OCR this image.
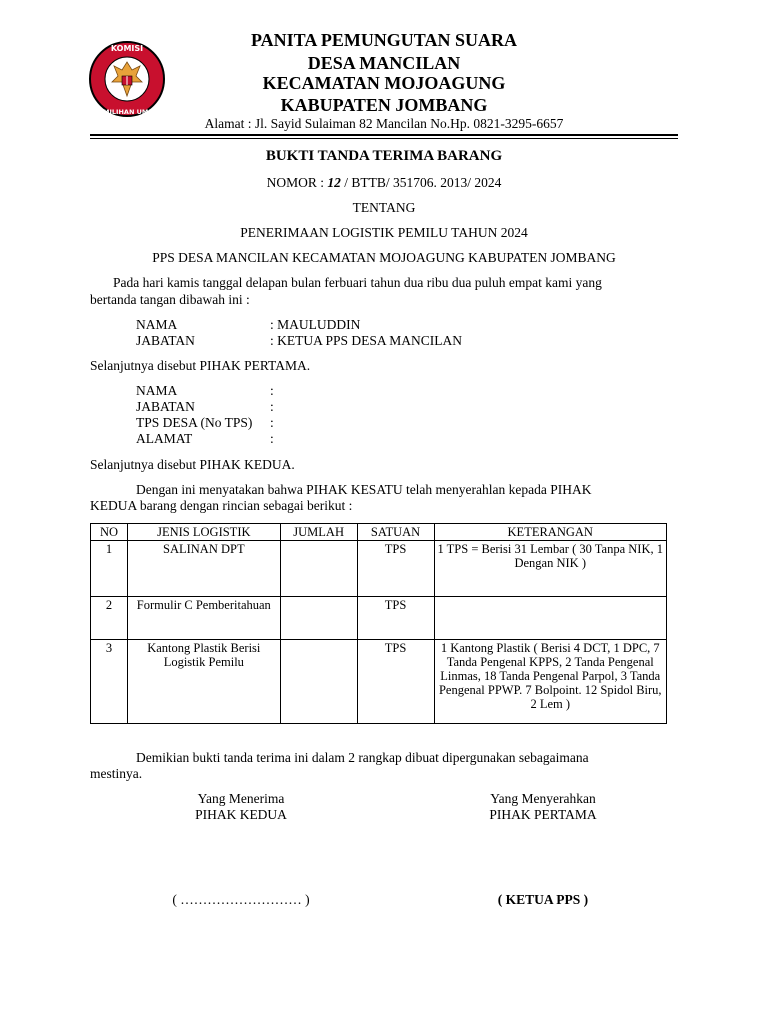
KOMISI
PEMILIHAN UMUM
PANITA PEMUNGUTAN SUARA
DESA MANCILAN
KECAMATAN MOJOAGUNG
KABUPATEN JOMBANG
Alamat : Jl. Sayid Sulaiman 82 Mancilan No.Hp. 0821-3295-6657
BUKTI TANDA TERIMA BARANG
NOMOR : 12 / BTTB/ 351706. 2013/ 2024
TENTANG
PENERIMAAN LOGISTIK PEMILU TAHUN 2024
PPS DESA MANCILAN KECAMATAN MOJOAGUNG KABUPATEN JOMBANG
Pada hari kamis tanggal delapan bulan ferbuari tahun dua ribu dua puluh empat kami yang
bertanda tangan dibawah ini :
NAMA	: MAULUDDIN
JABATAN	: KETUA PPS DESA MANCILAN
Selanjutnya disebut PIHAK PERTAMA.
NAMA	:
JABATAN	:
TPS DESA (No TPS) :
ALAMAT	:
Selanjutnya disebut PIHAK KEDUA.
Dengan ini menyatakan bahwa PIHAK KESATU telah menyerahlan kepada PIHAK
KEDUA barang dengan rincian sebagai berikut :
NO	JENIS LOGISTIK	JUMLAH	SATUAN	KETERANGAN
1	SALINAN DPT		TPS	1 TPS = Berisi 31 Lembar ( 30 Tanpa NIK, 1 Dengan NIK )
2	Formulir C Pemberitahuan		TPS	
3	Kantong Plastik Berisi Logistik Pemilu		TPS	1 Kantong Plastik ( Berisi 4 DCT, 1 DPC, 7 Tanda Pengenal KPPS, 2 Tanda Pengenal Linmas, 18 Tanda Pengenal Parpol, 3 Tanda Pengenal PPWP. 7 Bolpoint. 12 Spidol Biru, 2 Lem )
Demikian bukti tanda terima ini dalam 2 rangkap dibuat dipergunakan sebagaimana
mestinya.
Yang Menerima
PIHAK KEDUA
Yang Menyerahkan
PIHAK PERTAMA
( ……………………… )	( KETUA PPS )
